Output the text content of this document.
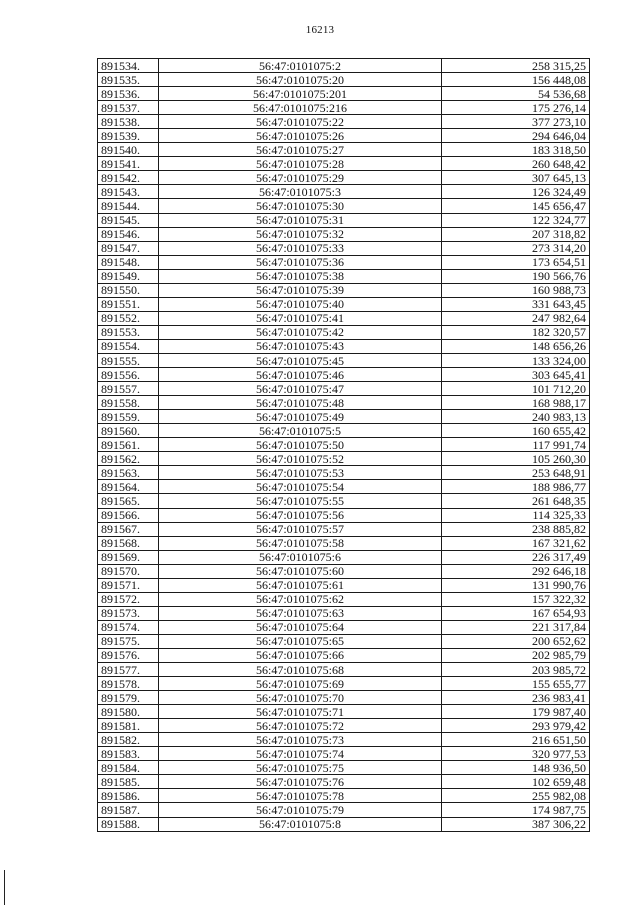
16213
891534.	56:47:0101075:2	258 315,25
891535.	56:47:0101075:20	156 448,08
891536.	56:47:0101075:201	54 536,68
891537.	56:47:0101075:216	175 276,14
891538.	56:47:0101075:22	377 273,10
891539.	56:47:0101075:26	294 646,04
891540.	56:47:0101075:27	183 318,50
891541.	56:47:0101075:28	260 648,42
891542.	56:47:0101075:29	307 645,13
891543.	56:47:0101075:3	126 324,49
891544.	56:47:0101075:30	145 656,47
891545.	56:47:0101075:31	122 324,77
891546.	56:47:0101075:32	207 318,82
891547.	56:47:0101075:33	273 314,20
891548.	56:47:0101075:36	173 654,51
891549.	56:47:0101075:38	190 566,76
891550.	56:47:0101075:39	160 988,73
891551.	56:47:0101075:40	331 643,45
891552.	56:47:0101075:41	247 982,64
891553.	56:47:0101075:42	182 320,57
891554.	56:47:0101075:43	148 656,26
891555.	56:47:0101075:45	133 324,00
891556.	56:47:0101075:46	303 645,41
891557.	56:47:0101075:47	101 712,20
891558.	56:47:0101075:48	168 988,17
891559.	56:47:0101075:49	240 983,13
891560.	56:47:0101075:5	160 655,42
891561.	56:47:0101075:50	117 991,74
891562.	56:47:0101075:52	105 260,30
891563.	56:47:0101075:53	253 648,91
891564.	56:47:0101075:54	188 986,77
891565.	56:47:0101075:55	261 648,35
891566.	56:47:0101075:56	114 325,33
891567.	56:47:0101075:57	238 885,82
891568.	56:47:0101075:58	167 321,62
891569.	56:47:0101075:6	226 317,49
891570.	56:47:0101075:60	292 646,18
891571.	56:47:0101075:61	131 990,76
891572.	56:47:0101075:62	157 322,32
891573.	56:47:0101075:63	167 654,93
891574.	56:47:0101075:64	221 317,84
891575.	56:47:0101075:65	200 652,62
891576.	56:47:0101075:66	202 985,79
891577.	56:47:0101075:68	203 985,72
891578.	56:47:0101075:69	155 655,77
891579.	56:47:0101075:70	236 983,41
891580.	56:47:0101075:71	179 987,40
891581.	56:47:0101075:72	293 979,42
891582.	56:47:0101075:73	216 651,50
891583.	56:47:0101075:74	320 977,53
891584.	56:47:0101075:75	148 936,50
891585.	56:47:0101075:76	102 659,48
891586.	56:47:0101075:78	255 982,08
891587.	56:47:0101075:79	174 987,75
891588.	56:47:0101075:8	387 306,22
